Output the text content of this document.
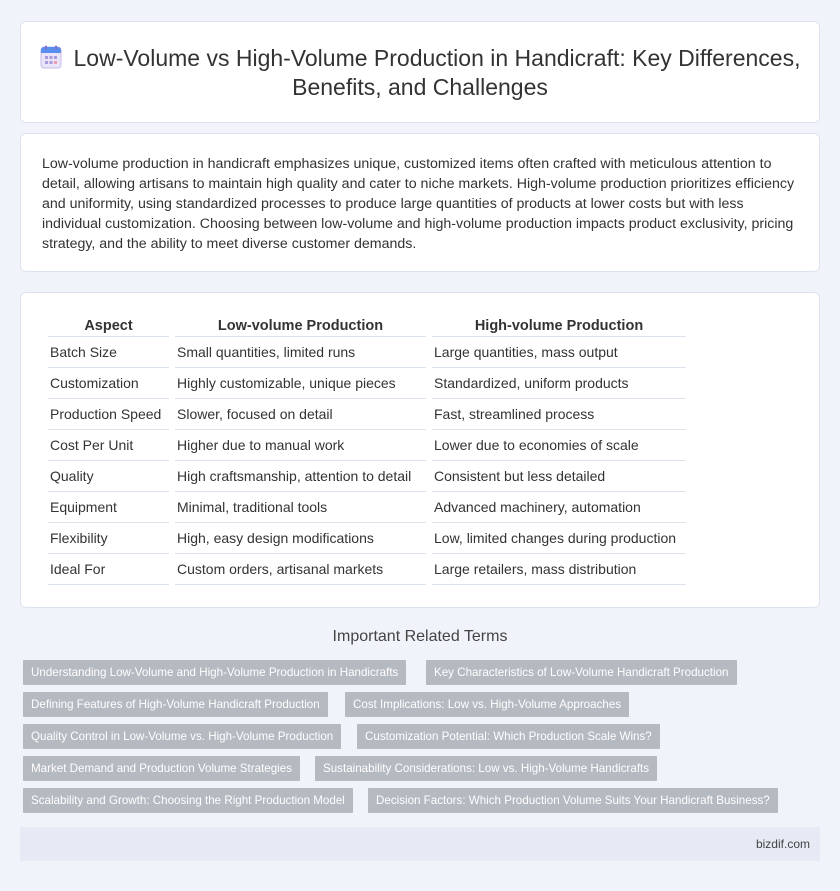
Low-Volume vs High-Volume Production in Handicraft: Key Differences, Benefits, and Challenges

Low-volume production in handicraft emphasizes unique, customized items often crafted with meticulous attention to detail, allowing artisans to maintain high quality and cater to niche markets. High-volume production prioritizes efficiency and uniformity, using standardized processes to produce large quantities of products at lower costs but with less individual customization. Choosing between low-volume and high-volume production impacts product exclusivity, pricing strategy, and the ability to meet diverse customer demands.

Aspect	Low-volume Production	High-volume Production
Batch Size	Small quantities, limited runs	Large quantities, mass output
Customization	Highly customizable, unique pieces	Standardized, uniform products
Production Speed	Slower, focused on detail	Fast, streamlined process
Cost Per Unit	Higher due to manual work	Lower due to economies of scale
Quality	High craftsmanship, attention to detail	Consistent but less detailed
Equipment	Minimal, traditional tools	Advanced machinery, automation
Flexibility	High, easy design modifications	Low, limited changes during production
Ideal For	Custom orders, artisanal markets	Large retailers, mass distribution
Important Related Terms
Understanding Low-Volume and High-Volume Production in Handicrafts	Key Characteristics of Low-Volume Handicraft Production
Defining Features of High-Volume Handicraft Production	Cost Implications: Low vs. High-Volume Approaches
Quality Control in Low-Volume vs. High-Volume Production	Customization Potential: Which Production Scale Wins?
Market Demand and Production Volume Strategies	Sustainability Considerations: Low vs. High-Volume Handicrafts
Scalability and Growth: Choosing the Right Production Model	Decision Factors: Which Production Volume Suits Your Handicraft Business?
bizdif.com
